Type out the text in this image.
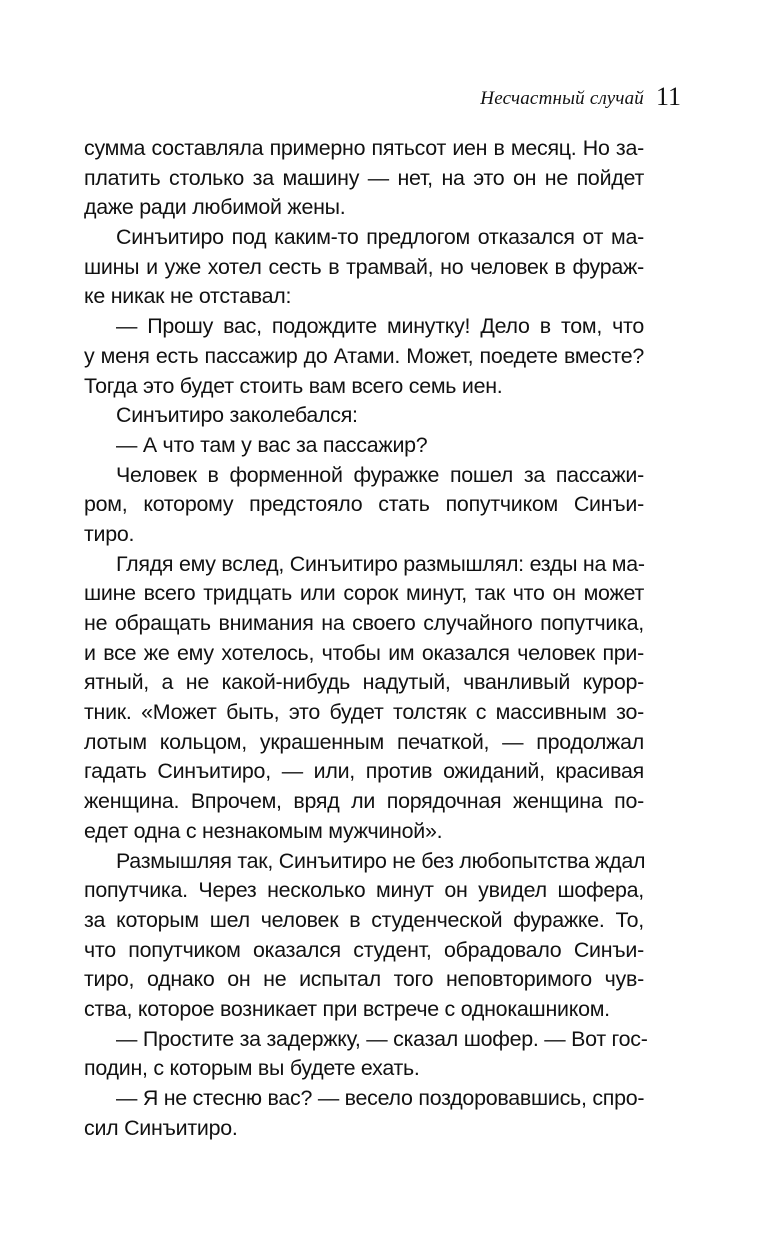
Несчастный случай 11
сумма составляла примерно пятьсот иен в месяц. Но за-
платить столько за машину — нет, на это он не пойдет
даже ради любимой жены.
Синъитиро под каким-то предлогом отказался от ма-
шины и уже хотел сесть в трамвай, но человек в фураж-
ке никак не отставал:
— Прошу вас, подождите минутку! Дело в том, что
у меня есть пассажир до Атами. Может, поедете вместе?
Тогда это будет стоить вам всего семь иен.
Синъитиро заколебался:
— А что там у вас за пассажир?
Человек в форменной фуражке пошел за пассажи-
ром, которому предстояло стать попутчиком Синъи-
тиро.
Глядя ему вслед, Синъитиро размышлял: езды на ма-
шине всего тридцать или сорок минут, так что он может
не обращать внимания на своего случайного попутчика,
и все же ему хотелось, чтобы им оказался человек при-
ятный, а не какой-нибудь надутый, чванливый курор-
тник. «Может быть, это будет толстяк с массивным зо-
лотым кольцом, украшенным печаткой, — продолжал
гадать Синъитиро, — или, против ожиданий, красивая
женщина. Впрочем, вряд ли порядочная женщина по-
едет одна с незнакомым мужчиной».
Размышляя так, Синъитиро не без любопытства ждал
попутчика. Через несколько минут он увидел шофера,
за которым шел человек в студенческой фуражке. То,
что попутчиком оказался студент, обрадовало Синъи-
тиро, однако он не испытал того неповторимого чув-
ства, которое возникает при встрече с однокашником.
— Простите за задержку, — сказал шофер. — Вот гос-
подин, с которым вы будете ехать.
— Я не стесню вас? — весело поздоровавшись, спро-
сил Синъитиро.
